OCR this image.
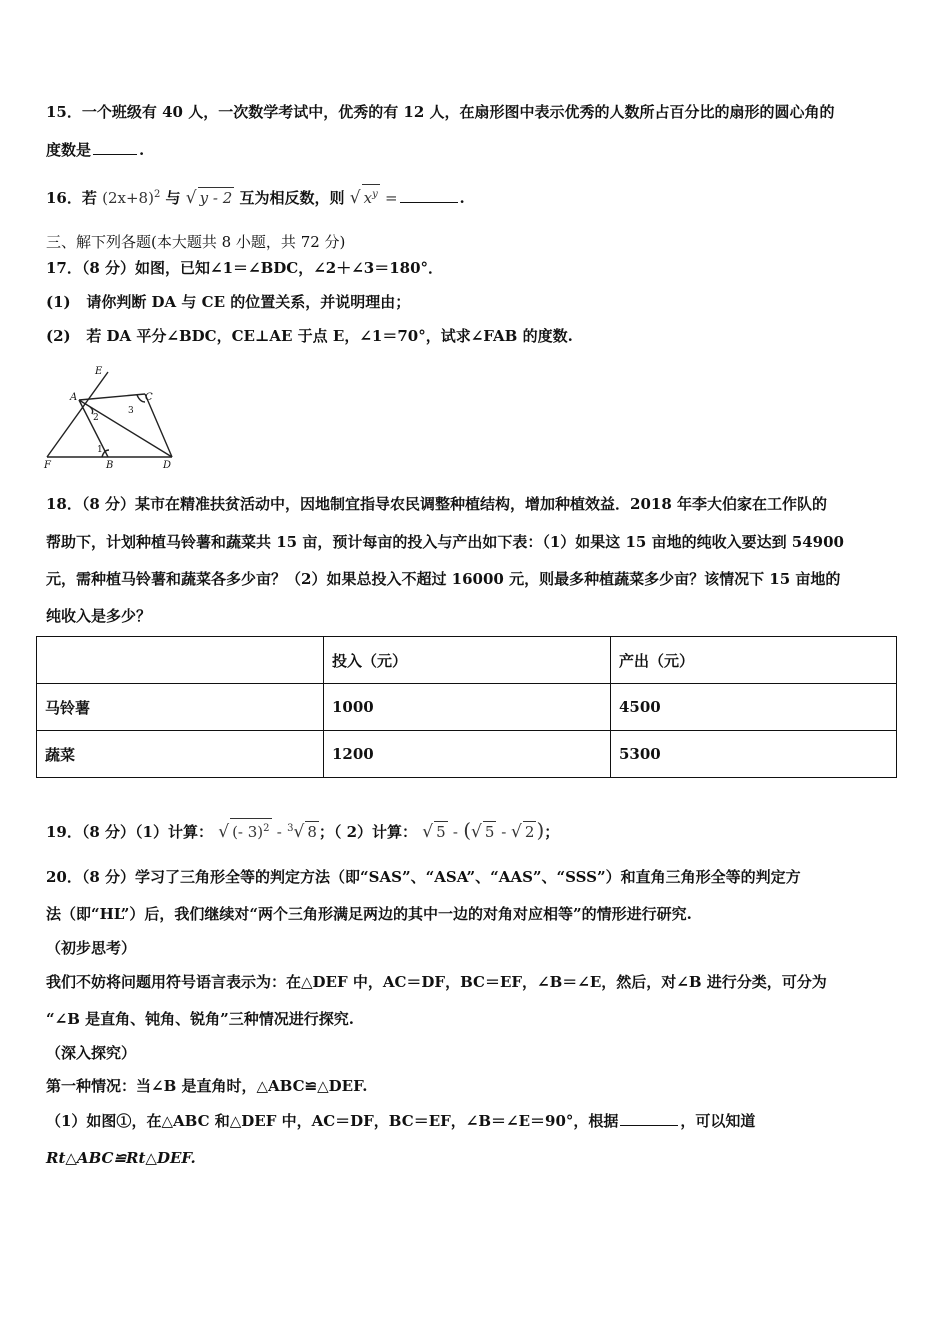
15．一个班级有 40 人，一次数学考试中，优秀的有 12 人，在扇形图中表示优秀的人数所占百分比的扇形的圆心角的
度数是	.
16．若 $(2x+8)^2$ 与 √ y - 2 互为相反数，则 √ $x^y$ =	.
三、解下列各题(本大题共 8 小题，共 72 分)
17．（8 分）如图，已知∠1＝∠BDC，∠2＋∠3＝180°．
(1) 请你判断 DA 与 CE 的位置关系，并说明理由；
(2) 若 DA 平分∠BDC，CE⊥AE 于点 E，∠1＝70°，试求∠FAB 的度数.
E
A	C
F	B	D
1
2
3
18．（8 分）某市在精准扶贫活动中，因地制宜指导农民调整种植结构，增加种植效益．2018 年李大伯家在工作队的
帮助下，计划种植马铃薯和蔬菜共 15 亩，预计每亩的投入与产出如下表：（1）如果这 15 亩地的纯收入要达到 54900
元，需种植马铃薯和蔬菜各多少亩？（2）如果总投入不超过 16000 元，则最多种植蔬菜多少亩？该情况下 15 亩地的
纯收入是多少？
	投入（元）	产出（元）
马铃薯	1000	4500
蔬菜	1200	5300
19．（8 分）（1）计算： √ (- 3)$^2$ - $^3$√ 8 ；（ 2）计算： √ 5 - (√ 5 - √ 2 )；
20．（8 分）学习了三角形全等的判定方法（即“SAS”、“ASA”、“AAS”、“SSS”）和直角三角形全等的判定方
法（即“HL”）后，我们继续对“两个三角形满足两边的其中一边的对角对应相等”的情形进行研究.
（初步思考）
我们不妨将问题用符号语言表示为：在△DEF 中，AC＝DF，BC＝EF，∠B＝∠E，然后，对∠B 进行分类，可分为
“∠B 是直角、钝角、锐角”三种情况进行探究.
（深入探究）
第一种情况：当∠B 是直角时，△ABC≌△DEF.
（1）如图①，在△ABC 和△DEF 中，AC＝DF，BC＝EF，∠B＝∠E＝90°，根据	，可以知道
Rt△ABC≌Rt△DEF.
